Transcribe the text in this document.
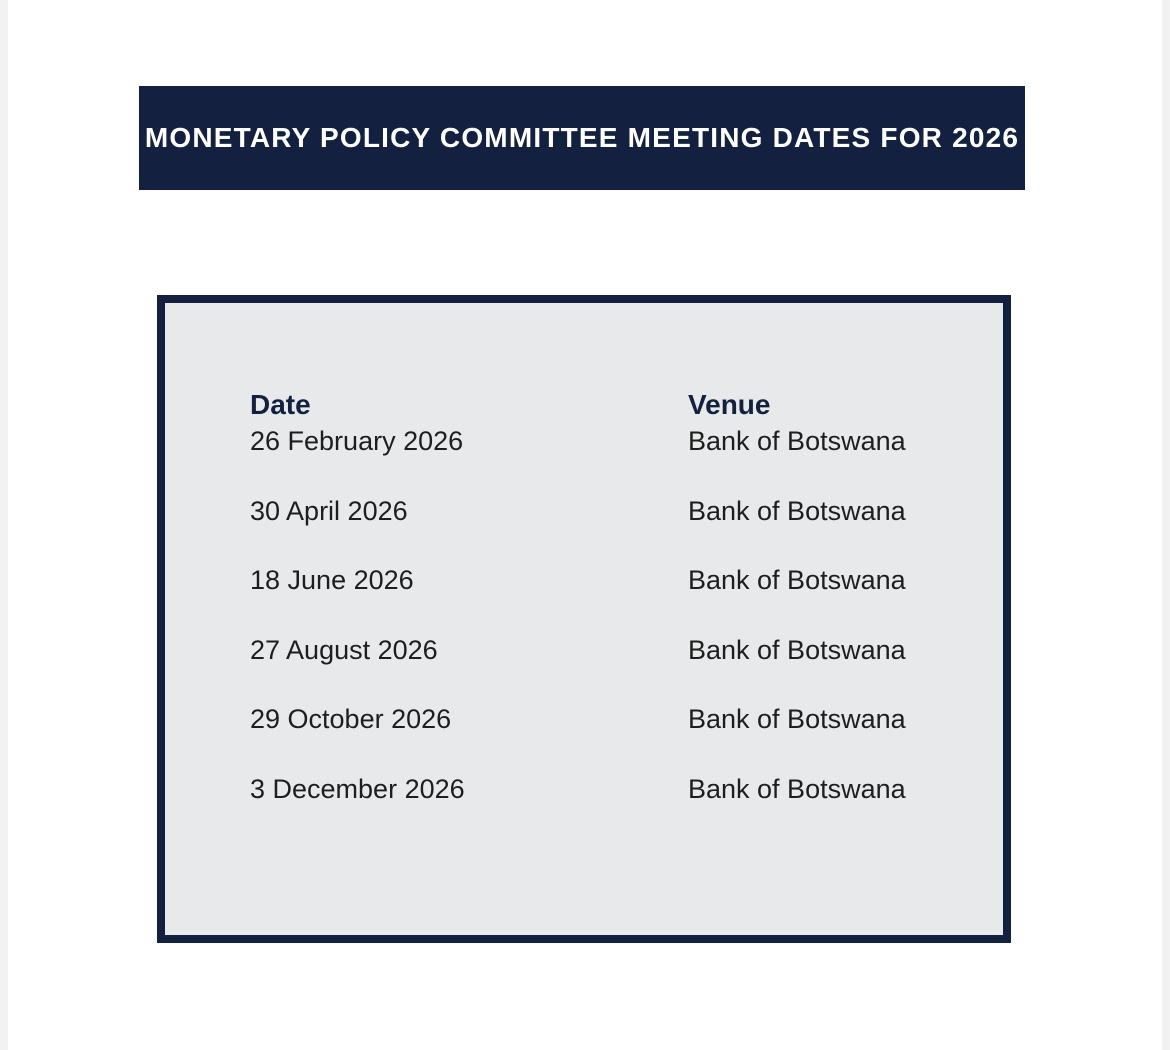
MONETARY POLICY COMMITTEE MEETING DATES FOR 2026
Date	Venue
26 February 2026	Bank of Botswana
30 April 2026	Bank of Botswana
18 June 2026	Bank of Botswana
27 August 2026	Bank of Botswana
29 October 2026	Bank of Botswana
3 December 2026	Bank of Botswana
